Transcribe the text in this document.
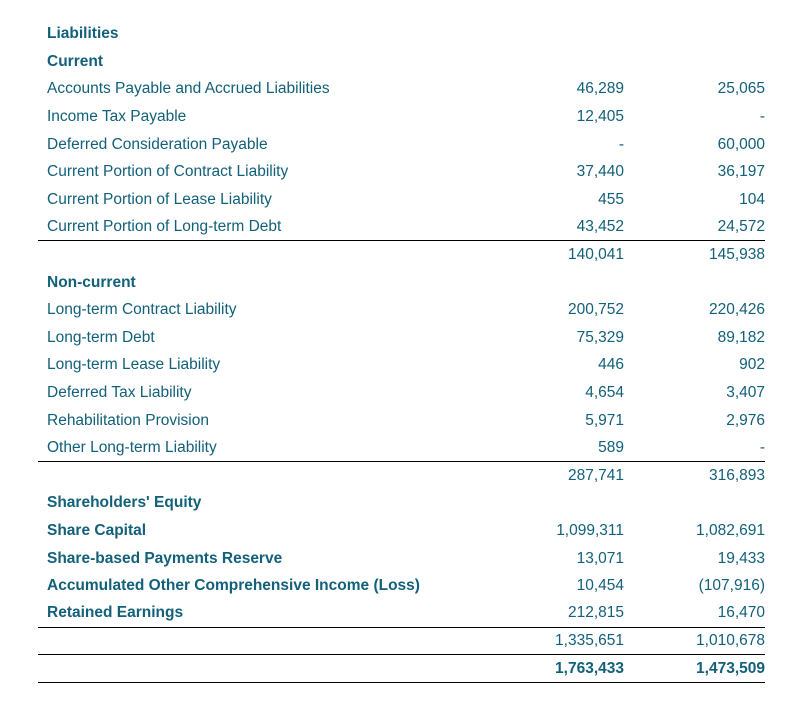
Liabilities		
Current		
Accounts Payable and Accrued Liabilities	46,289	25,065
Income Tax Payable	12,405	-
Deferred Consideration Payable	-	60,000
Current Portion of Contract Liability	37,440	36,197
Current Portion of Lease Liability	455	104
Current Portion of Long-term Debt	43,452	24,572
	140,041	145,938
Non-current		
Long-term Contract Liability	200,752	220,426
Long-term Debt	75,329	89,182
Long-term Lease Liability	446	902
Deferred Tax Liability	4,654	3,407
Rehabilitation Provision	5,971	2,976
Other Long-term Liability	589	-
	287,741	316,893
Shareholders' Equity		
Share Capital	1,099,311	1,082,691
Share-based Payments Reserve	13,071	19,433
Accumulated Other Comprehensive Income (Loss)	10,454	(107,916)
Retained Earnings	212,815	16,470
	1,335,651	1,010,678
	1,763,433	1,473,509
